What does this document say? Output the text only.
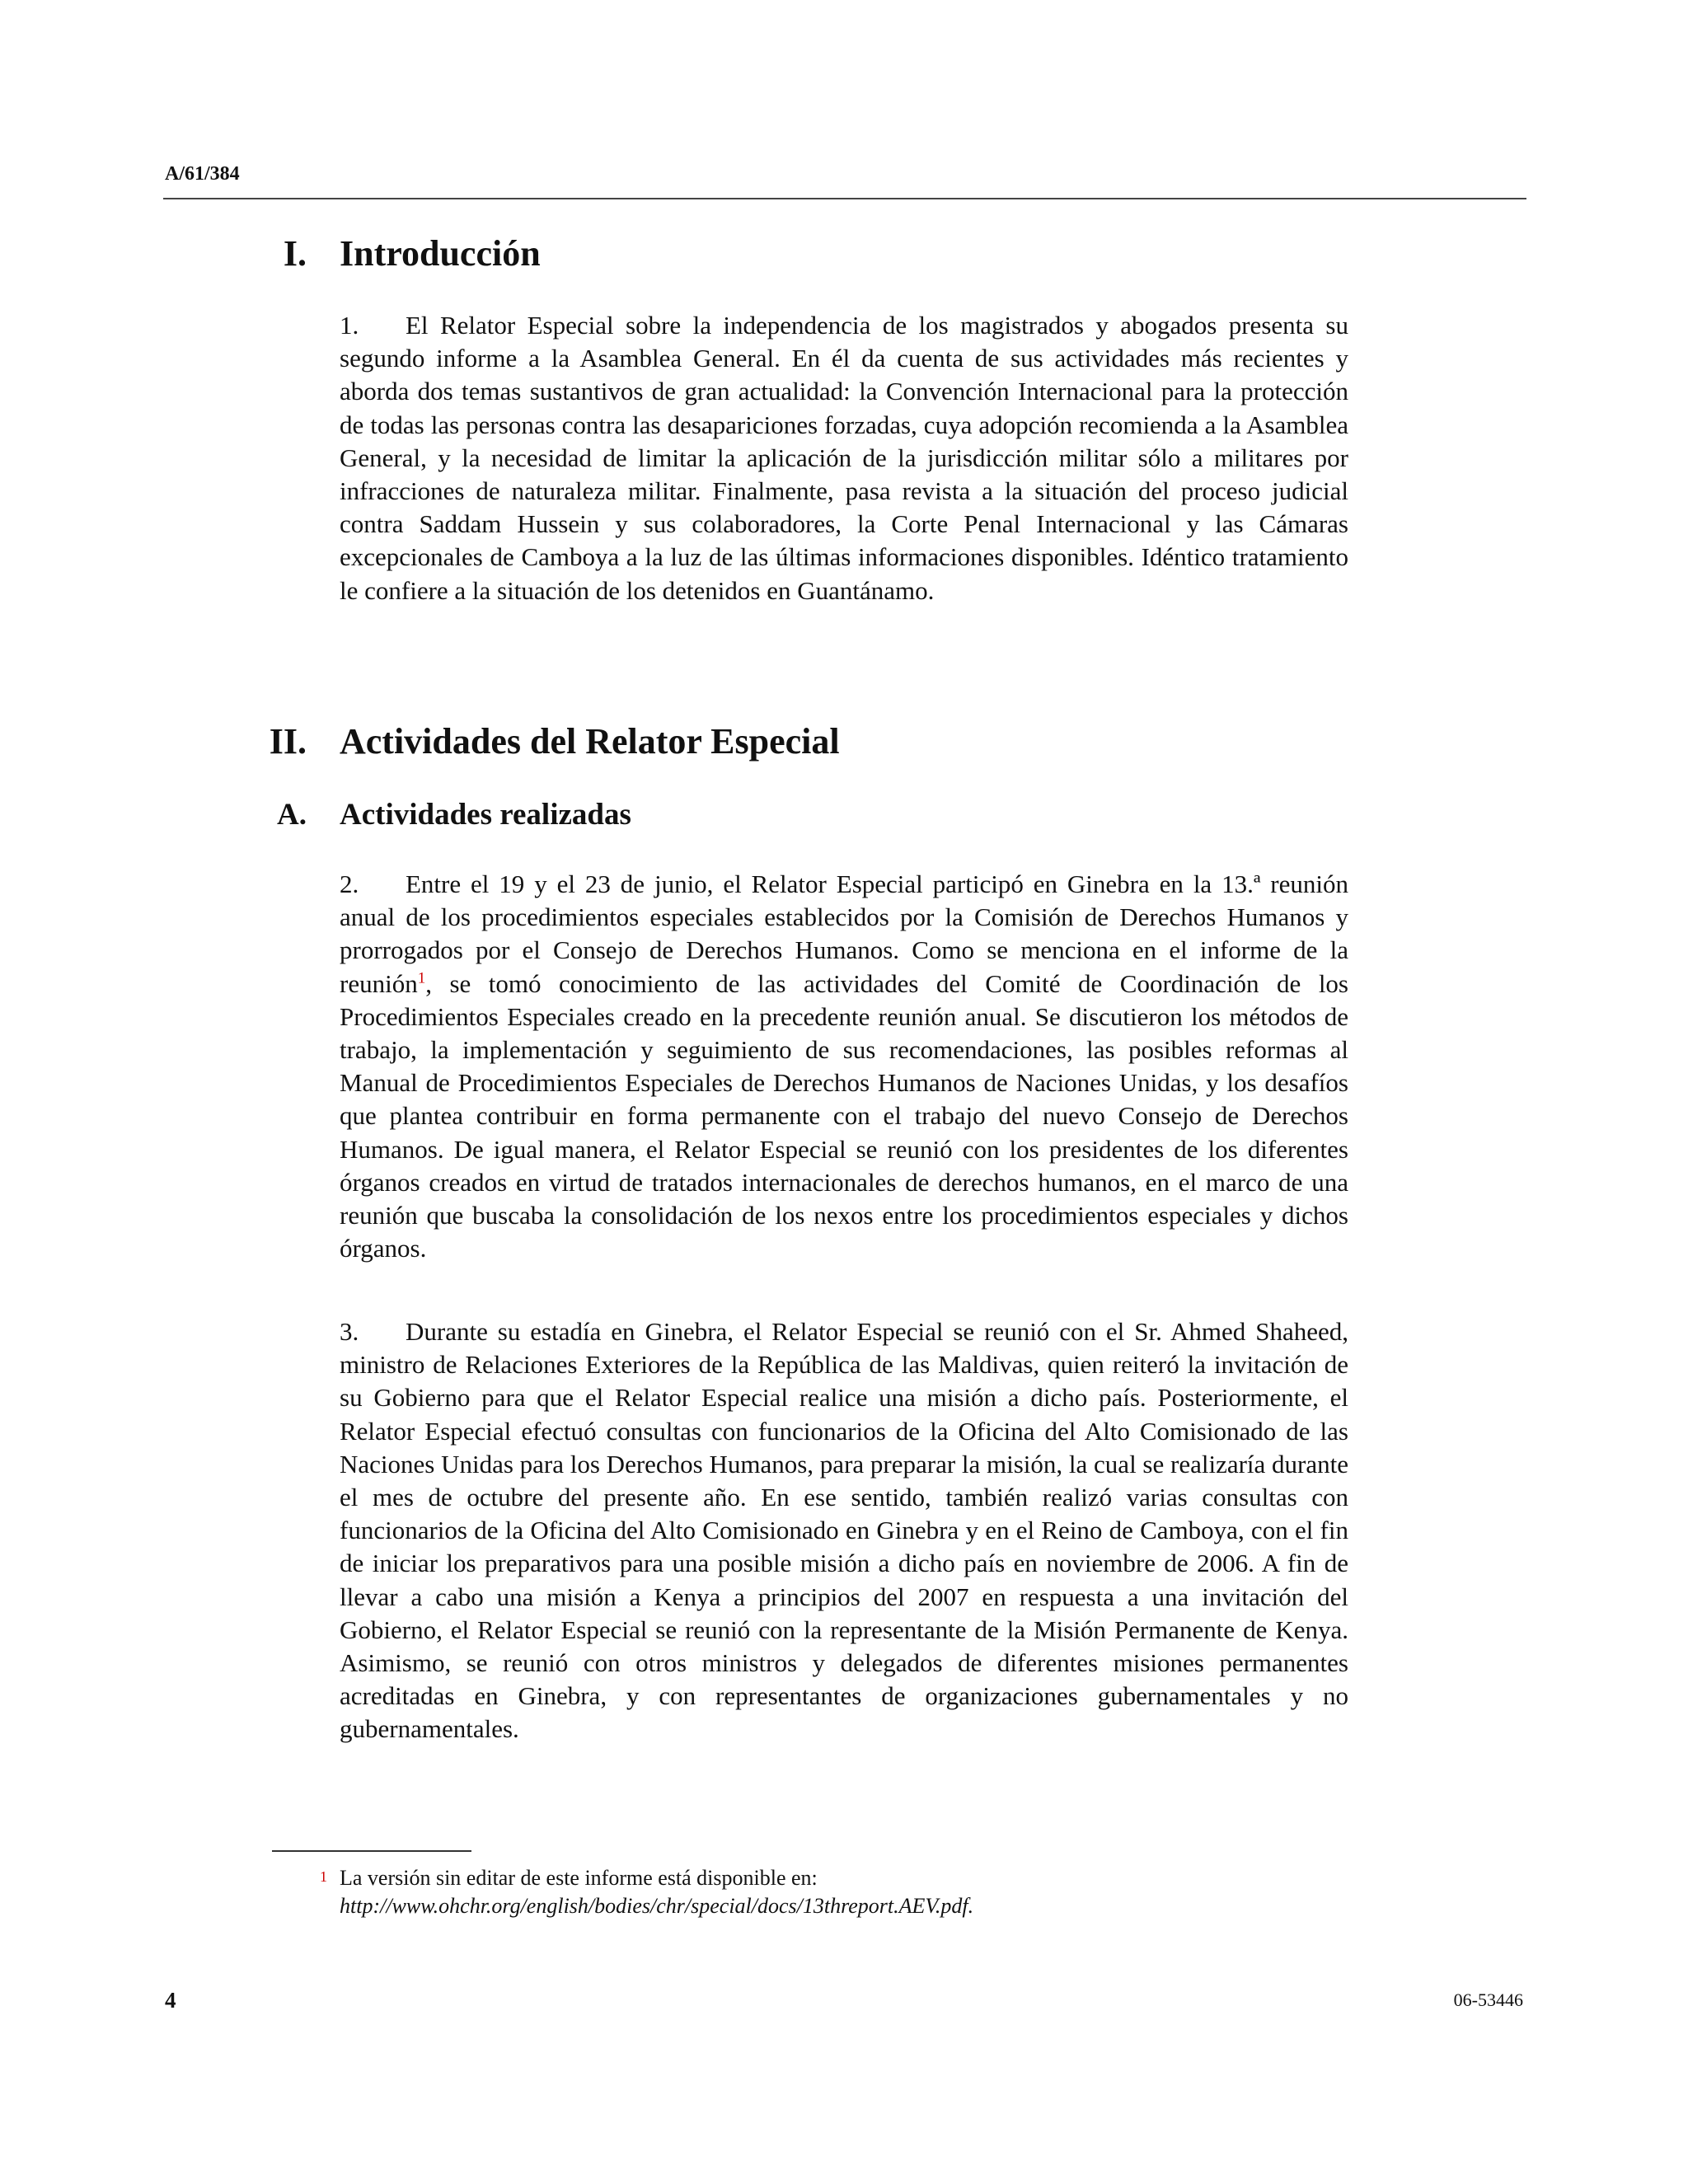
A/61/384
I. Introducción
1. El Relator Especial sobre la independencia de los magistrados y abogados presenta su segundo informe a la Asamblea General. En él da cuenta de sus actividades más recientes y aborda dos temas sustantivos de gran actualidad: la Convención Internacional para la protección de todas las personas contra las desapariciones forzadas, cuya adopción recomienda a la Asamblea General, y la necesidad de limitar la aplicación de la jurisdicción militar sólo a militares por infracciones de naturaleza militar. Finalmente, pasa revista a la situación del proceso judicial contra Saddam Hussein y sus colaboradores, la Corte Penal Internacional y las Cámaras excepcionales de Camboya a la luz de las últimas informaciones disponibles. Idéntico tratamiento le confiere a la situación de los detenidos en Guantánamo.
II. Actividades del Relator Especial
A. Actividades realizadas
2. Entre el 19 y el 23 de junio, el Relator Especial participó en Ginebra en la 13.ª reunión anual de los procedimientos especiales establecidos por la Comisión de Derechos Humanos y prorrogados por el Consejo de Derechos Humanos. Como se menciona en el informe de la reunión$^1$, se tomó conocimiento de las actividades del Comité de Coordinación de los Procedimientos Especiales creado en la precedente reunión anual. Se discutieron los métodos de trabajo, la implementación y seguimiento de sus recomendaciones, las posibles reformas al Manual de Procedimientos Especiales de Derechos Humanos de Naciones Unidas, y los desafíos que plantea contribuir en forma permanente con el trabajo del nuevo Consejo de Derechos Humanos. De igual manera, el Relator Especial se reunió con los presidentes de los diferentes órganos creados en virtud de tratados internacionales de derechos humanos, en el marco de una reunión que buscaba la consolidación de los nexos entre los procedimientos especiales y dichos órganos.
3. Durante su estadía en Ginebra, el Relator Especial se reunió con el Sr. Ahmed Shaheed, ministro de Relaciones Exteriores de la República de las Maldivas, quien reiteró la invitación de su Gobierno para que el Relator Especial realice una misión a dicho país. Posteriormente, el Relator Especial efectuó consultas con funcionarios de la Oficina del Alto Comisionado de las Naciones Unidas para los Derechos Humanos, para preparar la misión, la cual se realizaría durante el mes de octubre del presente año. En ese sentido, también realizó varias consultas con funcionarios de la Oficina del Alto Comisionado en Ginebra y en el Reino de Camboya, con el fin de iniciar los preparativos para una posible misión a dicho país en noviembre de 2006. A fin de llevar a cabo una misión a Kenya a principios del 2007 en respuesta a una invitación del Gobierno, el Relator Especial se reunió con la representante de la Misión Permanente de Kenya. Asimismo, se reunió con otros ministros y delegados de diferentes misiones permanentes acreditadas en Ginebra, y con representantes de organizaciones gubernamentales y no gubernamentales.
1 La versión sin editar de este informe está disponible en:
http://www.ohchr.org/english/bodies/chr/special/docs/13threport.AEV.pdf.
4	06-53446
